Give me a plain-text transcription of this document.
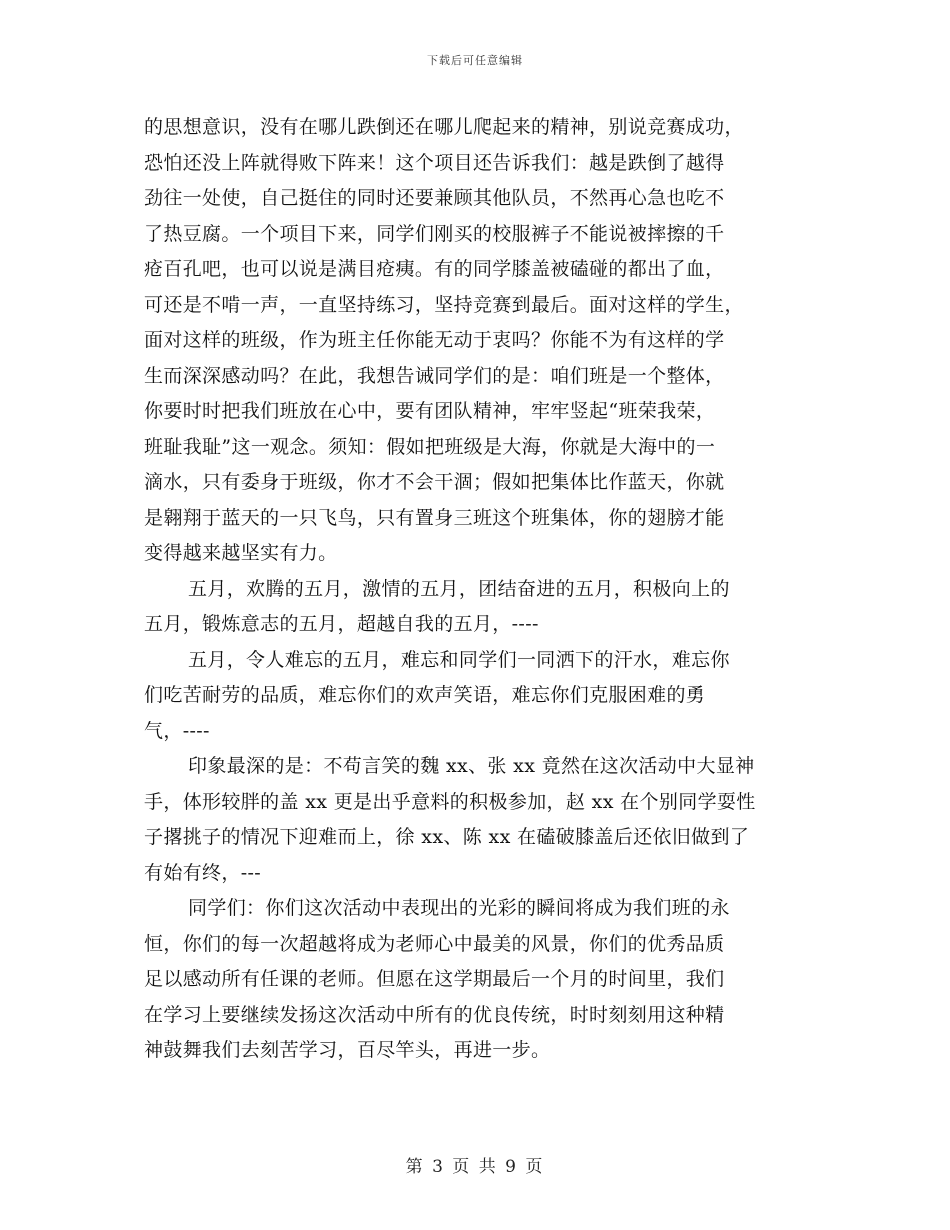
下载后可任意编辑
的思想意识，没有在哪儿跌倒还在哪儿爬起来的精神，别说竞赛成功，
恐怕还没上阵就得败下阵来！这个项目还告诉我们：越是跌倒了越得
劲往一处使，自己挺住的同时还要兼顾其他队员，不然再心急也吃不
了热豆腐。一个项目下来，同学们刚买的校服裤子不能说被摔擦的千
疮百孔吧，也可以说是满目疮痍。有的同学膝盖被磕碰的都出了血，
可还是不啃一声，一直坚持练习，坚持竞赛到最后。面对这样的学生，
面对这样的班级，作为班主任你能无动于衷吗？你能不为有这样的学
生而深深感动吗？在此，我想告诫同学们的是：咱们班是一个整体，
你要时时把我们班放在心中，要有团队精神，牢牢竖起“班荣我荣，
班耻我耻”这一观念。须知：假如把班级是大海，你就是大海中的一
滴水，只有委身于班级，你才不会干涸；假如把集体比作蓝天，你就
是翱翔于蓝天的一只飞鸟，只有置身三班这个班集体，你的翅膀才能
变得越来越坚实有力。
五月，欢腾的五月，激情的五月，团结奋进的五月，积极向上的
五月，锻炼意志的五月，超越自我的五月，----
五月，令人难忘的五月，难忘和同学们一同洒下的汗水，难忘你
们吃苦耐劳的品质，难忘你们的欢声笑语，难忘你们克服困难的勇
气，----
印象最深的是：不苟言笑的魏 xx、张 xx 竟然在这次活动中大显神
手，体形较胖的盖 xx 更是出乎意料的积极参加，赵 xx 在个别同学耍性
子撂挑子的情况下迎难而上，徐 xx、陈 xx 在磕破膝盖后还依旧做到了
有始有终，---
同学们：你们这次活动中表现出的光彩的瞬间将成为我们班的永
恒，你们的每一次超越将成为老师心中最美的风景，你们的优秀品质
足以感动所有任课的老师。但愿在这学期最后一个月的时间里，我们
在学习上要继续发扬这次活动中所有的优良传统，时时刻刻用这种精
神鼓舞我们去刻苦学习，百尽竿头，再进一步。
第 3 页 共 9 页
